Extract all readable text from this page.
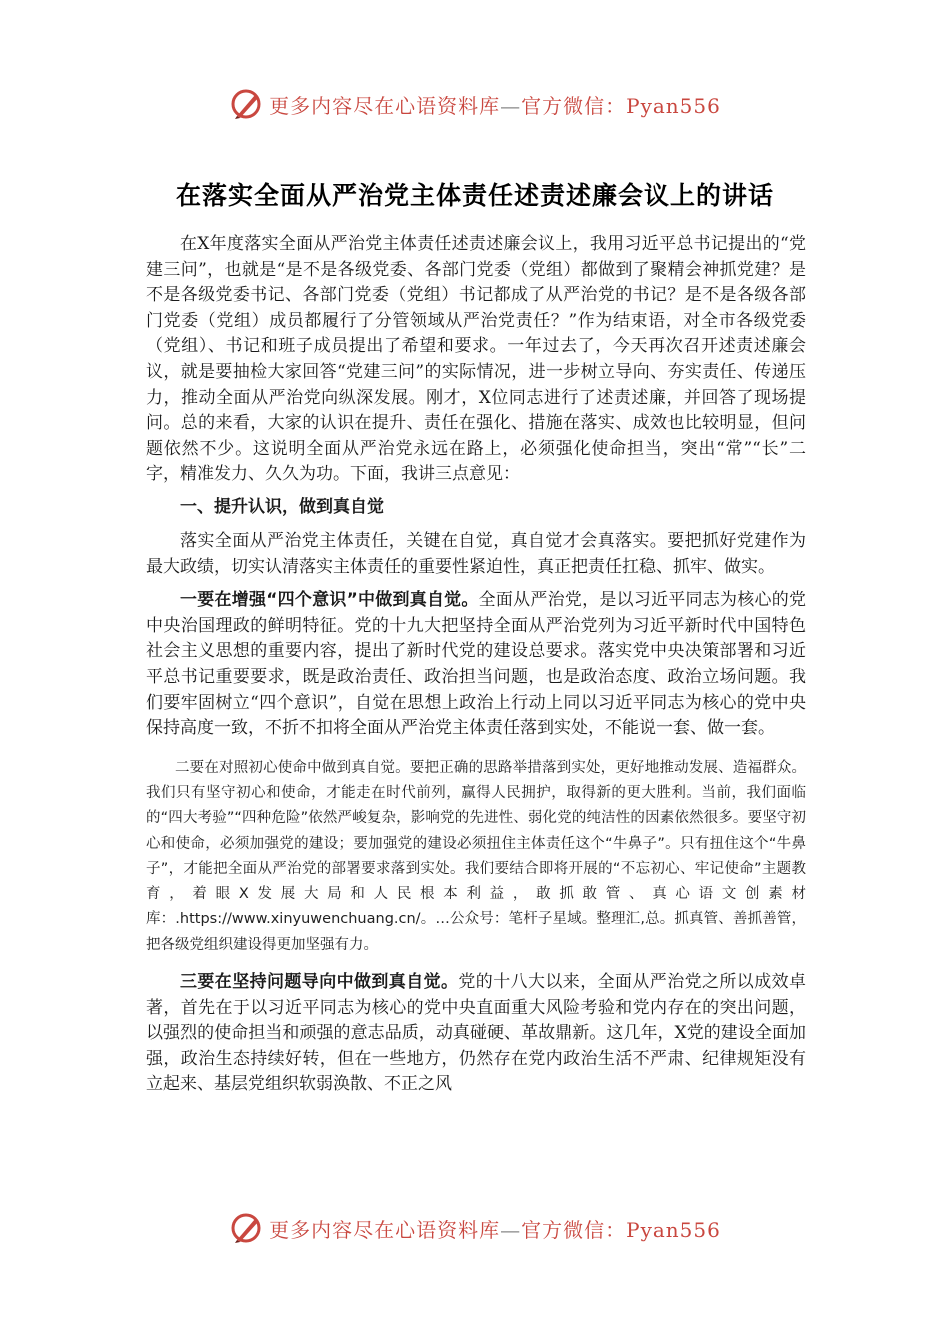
更多内容尽在心语资料库—官方微信：Pyan556
在落实全面从严治党主体责任述责述廉会议上的讲话

在X年度落实全面从严治党主体责任述责述廉会议上，我用习近平总书记提出的“党建三问”，也就是“是不是各级党委、各部门党委（党组）都做到了聚精会神抓党建？是不是各级党委书记、各部门党委（党组）书记都成了从严治党的书记？是不是各级各部门党委（党组）成员都履行了分管领域从严治党责任？”作为结束语，对全市各级党委（党组）、书记和班子成员提出了希望和要求。一年过去了，今天再次召开述责述廉会议，就是要抽检大家回答“党建三问”的实际情况，进一步树立导向、夯实责任、传递压力，推动全面从严治党向纵深发展。刚才，X位同志进行了述责述廉，并回答了现场提问。总的来看，大家的认识在提升、责任在强化、措施在落实、成效也比较明显，但问题依然不少。这说明全面从严治党永远在路上，必须强化使命担当，突出“常”“长”二字，精准发力、久久为功。下面，我讲三点意见：

一、提升认识，做到真自觉

落实全面从严治党主体责任，关键在自觉，真自觉才会真落实。要把抓好党建作为最大政绩，切实认清落实主体责任的重要性紧迫性，真正把责任扛稳、抓牢、做实。

一要在增强“四个意识”中做到真自觉。全面从严治党，是以习近平同志为核心的党中央治国理政的鲜明特征。党的十九大把坚持全面从严治党列为习近平新时代中国特色社会主义思想的重要内容，提出了新时代党的建设总要求。落实党中央决策部署和习近平总书记重要要求，既是政治责任、政治担当问题，也是政治态度、政治立场问题。我们要牢固树立“四个意识”，自觉在思想上政治上行动上同以习近平同志为核心的党中央保持高度一致，不折不扣将全面从严治党主体责任落到实处，不能说一套、做一套。

二要在对照初心使命中做到真自觉。要把正确的思路举措落到实处，更好地推动发展、造福群众。我们只有坚守初心和使命，才能走在时代前列，赢得人民拥护，取得新的更大胜利。当前，我们面临的“四大考验”“四种危险”依然严峻复杂，影响党的先进性、弱化党的纯洁性的因素依然很多。要坚守初心和使命，必须加强党的建设；要加强党的建设必须扭住主体责任这个“牛鼻子”。只有扭住这个“牛鼻子”，才能把全面从严治党的部署要求落到实处。我们要结合即将开展的“不忘初心、牢记使命”主题教育，着眼X发展大局和人民根本利益，敢抓敢管、真心语文创素材库：.https://www.xinyuwenchuang.cn/。…公众号：笔杆子星域。整理汇,总。抓真管、善抓善管，把各级党组织建设得更加坚强有力。

三要在坚持问题导向中做到真自觉。党的十八大以来，全面从严治党之所以成效卓著，首先在于以习近平同志为核心的党中央直面重大风险考验和党内存在的突出问题，以强烈的使命担当和顽强的意志品质，动真碰硬、革故鼎新。这几年，X党的建设全面加强，政治生态持续好转，但在一些地方，仍然存在党内政治生活不严肃、纪律规矩没有立起来、基层党组织软弱涣散、不正之风

更多内容尽在心语资料库—官方微信：Pyan556
